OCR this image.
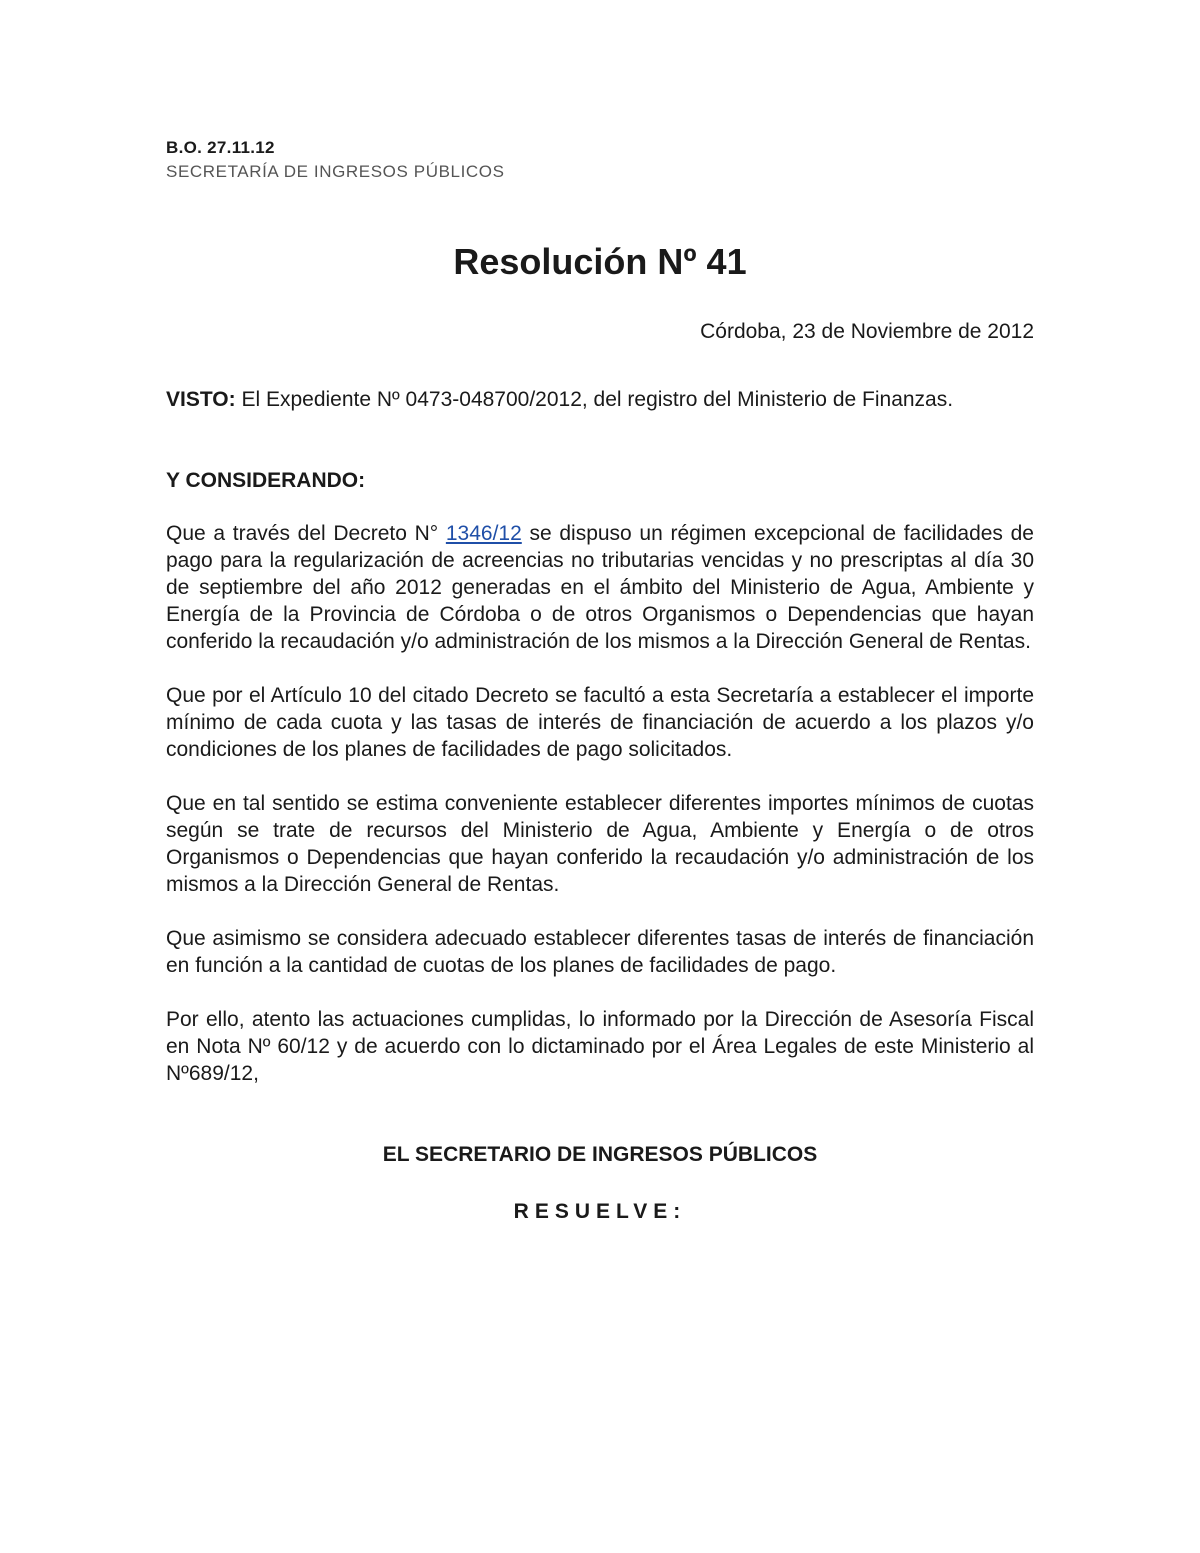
B.O. 27.11.12
SECRETARÍA DE INGRESOS PÚBLICOS
Resolución Nº 41
Córdoba, 23 de Noviembre de 2012

VISTO: El Expediente Nº 0473-048700/2012, del registro del Ministerio de Finanzas.

Y CONSIDERANDO:

Que a través del Decreto N° 1346/12 se dispuso un régimen excepcional de facilidades de pago para la regularización de acreencias no tributarias vencidas y no prescriptas al día 30 de septiembre del año 2012 generadas en el ámbito del Ministerio de Agua, Ambiente y Energía de la Provincia de Córdoba o de otros Organismos o Dependencias que hayan conferido la recaudación y/o administración de los mismos a la Dirección General de Rentas.

Que por el Artículo 10 del citado Decreto se facultó a esta Secretaría a establecer el importe mínimo de cada cuota y las tasas de interés de financiación de acuerdo a los plazos y/o condiciones de los planes de facilidades de pago solicitados.

Que en tal sentido se estima conveniente establecer diferentes importes mínimos de cuotas según se trate de recursos del Ministerio de Agua, Ambiente y Energía o de otros Organismos o Dependencias que hayan conferido la recaudación y/o administración de los mismos a la Dirección General de Rentas.

Que asimismo se considera adecuado establecer diferentes tasas de interés de financiación en función a la cantidad de cuotas de los planes de facilidades de pago.

Por ello, atento las actuaciones cumplidas, lo informado por la Dirección de Asesoría Fiscal en Nota Nº 60/12 y de acuerdo con lo dictaminado por el Área Legales de este Ministerio al Nº689/12,

EL SECRETARIO DE INGRESOS PÚBLICOS
RESUELVE:
